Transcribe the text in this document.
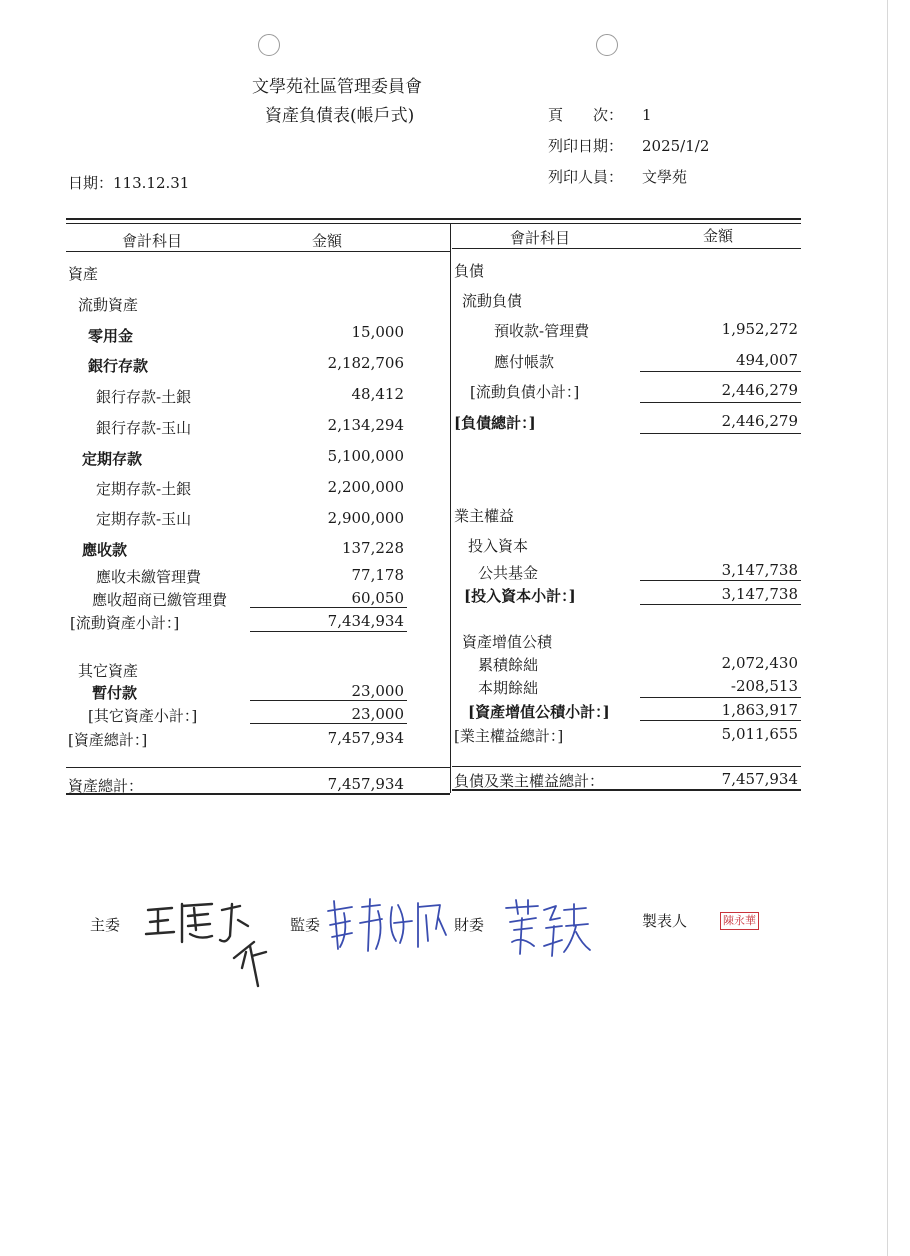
文學苑社區管理委員會
資產負債表(帳戶式)
日期：113.12.31
頁　　次： 1
列印日期： 2025/1/2
列印人員： 文學苑
會計科目	金額	會計科目	金額
資產
流動資產
零用金	15,000
銀行存款	2,182,706
銀行存款-土銀	48,412
銀行存款-玉山	2,134,294
定期存款	5,100,000
定期存款-土銀	2,200,000
定期存款-玉山	2,900,000
應收款	137,228
應收未繳管理費	77,178
應收超商已繳管理費	60,050
[流動資產小計：]	7,434,934
其它資產
暫付款	23,000
[其它資產小計：]	23,000
[資產總計：]	7,457,934
負債
流動負債
預收款-管理費	1,952,272
應付帳款	494,007
[流動負債小計：]	2,446,279
[負債總計：]	2,446,279
業主權益
投入資本
公共基金	3,147,738
[投入資本小計：]	3,147,738
資產增值公積
累積餘絀	2,072,430
本期餘絀	-208,513
[資產增值公積小計：]	1,863,917
[業主權益總計：]	5,011,655
資產總計：	7,457,934	負債及業主權益總計：	7,457,934
主委	監委	財委	製表人	陳永華
